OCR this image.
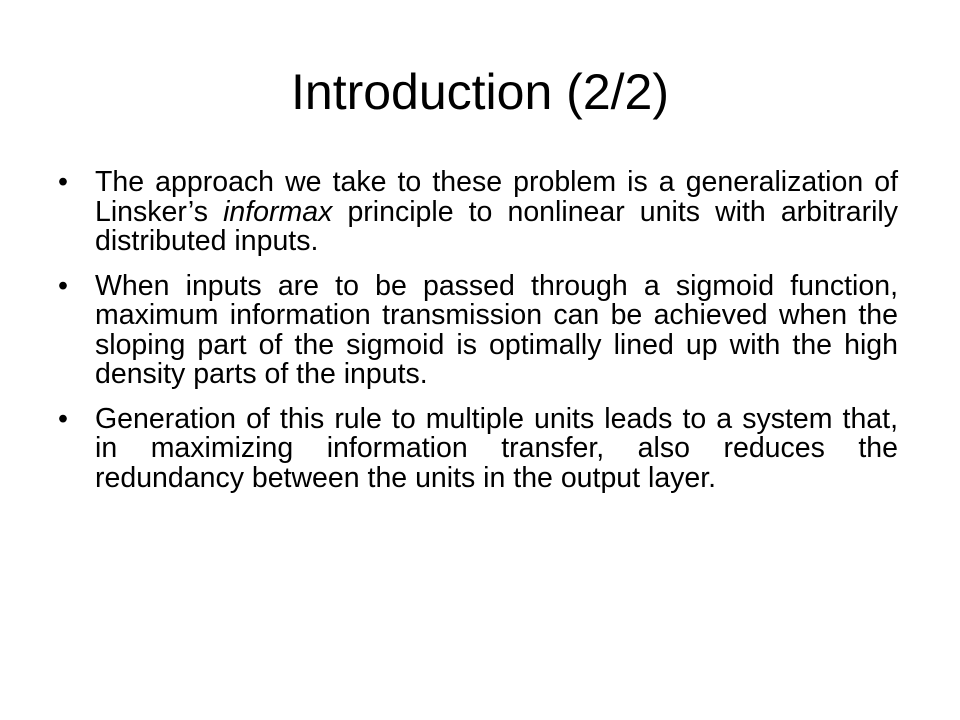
Introduction (2/2)
• The approach we take to these problem is a generalization of Linsker’s informax principle to nonlinear units with arbitrarily distributed inputs.
• When inputs are to be passed through a sigmoid function, maximum information transmission can be achieved when the sloping part of the sigmoid is optimally lined up with the high density parts of the inputs.
• Generation of this rule to multiple units leads to a system that, in maximizing information transfer, also reduces the redundancy between the units in the output layer.
